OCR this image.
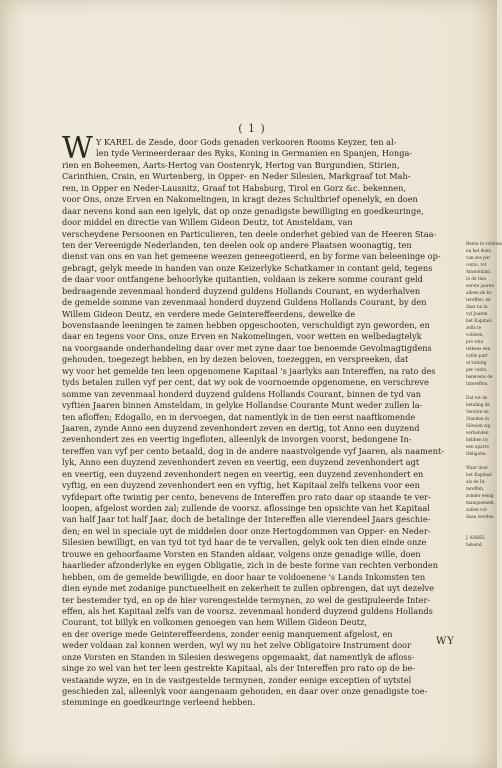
( 1 )
W Y KAREL de Zesde, door Gods genaden verkooren Rooms Keyzer, ten al-
len tyde Vermeerderaar des Ryks, Koning in Germanien en Spanjen, Honga-
rien en Boheemen, Aarts-Hertog van Oostenryk, Hertog van Burgundien, Stirien,
Carinthien, Crain, en Wurtenberg, in Opper- en Neder Silesien, Markgraaf tot Mah-
ren, in Opper en Neder-Lausnitz, Graaf tot Habsburg, Tirol en Gorz &c. bekennen,
voor Ons, onze Erven en Nakomelingen, in kragt dezes Schultbrief openelyk, en doen
daar nevens kond aan een igelyk, dat op onze genadigste bewilliging en goedkeuringe,
door middel en directie van Willem Gideon Deutz, tot Amsteldam, van
verscheydene Persoonen en Particulieren, ten deele onderhet gebied van de Heeren Staa-
ten der Vereenigde Nederlanden, ten deelen ook op andere Plaatsen woonagtig, ten
dienst van ons en van het gemeene weezen geneegotieerd, en by forme van beleeninge op-
gebragt, gelyk meede in handen van onze Keizerlyke Schatkamer in contant geld, tegens
de daar voor ontfangene behoorlyke quitantien, voldaan is zekere somme courant geld
bedraagende zevenmaal honderd duyzend guldens Hollands Courant, en wyderhalven
de gemelde somme van zevenmaal honderd duyzend Guldens Hollands Courant, by den
Willem Gideon Deutz, en verdere mede Geintereffeerdens, dewelke de
bovenstaande leeningen te zamen hebben opgeschooten, verschuldigt zyn geworden, en
daar en tegens voor Ons, onze Erven en Nakomelingen, voor wetten en welbedagtelyk
na voorgaande onderhandeling daar over met zyne daar toe benoemde Gevolmagtigdens
gehouden, toegezegt hebben, en by dezen beloven, toezeggen, en verspreeken, dat
wy voor het gemelde ten leen opgenomene Kapitaal 's jaarlyks aan Intereffen, na rato des
tyds betalen zullen vyf per cent, dat wy ook de voornoemde opgenomene, en verschreve
somme van zevenmaal honderd duyzend guldens Hollands Courant, binnen de tyd van
vyftien Jaaren binnen Amsteldam, in gelyke Hollandse Courante Munt weder zullen la-
ten afloffen; Edogallo, en in dervoegen, dat namentlyk in de tien eerst naaftkomende
Jaaren, zynde Anno een duyzend zevenhondert zeven en dertig, tot Anno een duyzend
zevenhondert zes en veertig ingefloten, alleenlyk de invorgen voorst, bedongene In-
tereffen van vyf per cento betaald, dog in de andere naastvolgende vyf Jaaren, als naament-
lyk, Anno een duyzend zevenhondert zeven en veertig, een duyzend zevenhondert agt
en veertig, een duyzend zevenhondert negen en veertig, een duyzend zevenhondert en
vyftig, en een duyzend zevenhondert een en vyftig, het Kapitaal zelfs telkens voor een
vyfdepart ofte twintig per cento, benevens de Intereffen pro rato daar op staande te ver-
loopen, afgelost worden zal; zullende de voorsz. aflossinge ten opsichte van het Kapitaal
van half Jaar tot half Jaar, doch de betalinge der Intereffen alle vierendeel Jaars geschie-
den; en wel in speciale uyt de middelen door onze Hertogdommen van Opper- en Neder-
Silesien bewilligt, en van tyd tot tyd haar de te vervallen, gelyk ook ten dien einde onze
trouwe en gehoorfaame Vorsten en Standen aldaar, volgens onze genadige wille, doen
haarlieder afzonderlyke en eygen Obligatie, zich in de beste forme van rechten verbonden
hebben, om de gemelde bewilligde, en door haar te voldoenene 's Lands Inkomsten ten
dien eynde met zodanige punctueelheit en zekerheit te zullen opbrengen, dat uyt dezelve
ter bestemder tyd, en op de hier vorengestelde termynen, zo wel de gestipuleerde Inter-
effen, als het Kapitaal zelfs van de voorsz. zevenmaal honderd duyzend guldens Hollands
Courant, tot billyk en volkomen genoegen van hem Willem Gideon Deutz,
en der overige mede Geintereffeerdens, zonder eenig manquement afgelost, en
weder voldaan zal konnen werden, wyl wy nu het zelve Obligatoire Instrument door
onze Vorsten en Standen in Silesien deswegens opgemaakt, dat namentlyk de afloss-
singe zo wel van het ter leen gestrekte Kapitaal, als der Intereffen pro rato op de be-
vestaande wyze, en in de vastgestelde termynen, zonder eenige exceptien of uytstel
geschieden zal, alleenlyk voor aangenaam gehouden, en daar over onze genadigste toe-
stemminge en goedkeuringe verleend hebben.
Rente te voldoen
na het doen
van zes per
cento, tot
Amsteldam,
in de tien
eerste jaaren
alleen de In-
tereffen, en
daar na in
vyf Jaaren
het Kapitaal
zelfs te
voldoen,
pro rato
telkens een
vyfde part
of twintig
per cento,
benevens de
Intereffen.
Dat tot de
betaling de
Vorsten en
Standen in
Silesien zig
verbonden
hebben by
een aparte
Obligatie.
Waar door
het Kapitaal
als de In-
tereffen,
zonder eenig
manquement,
zullen vol-
daan werden.
J. KAREL
bekend.
WY
